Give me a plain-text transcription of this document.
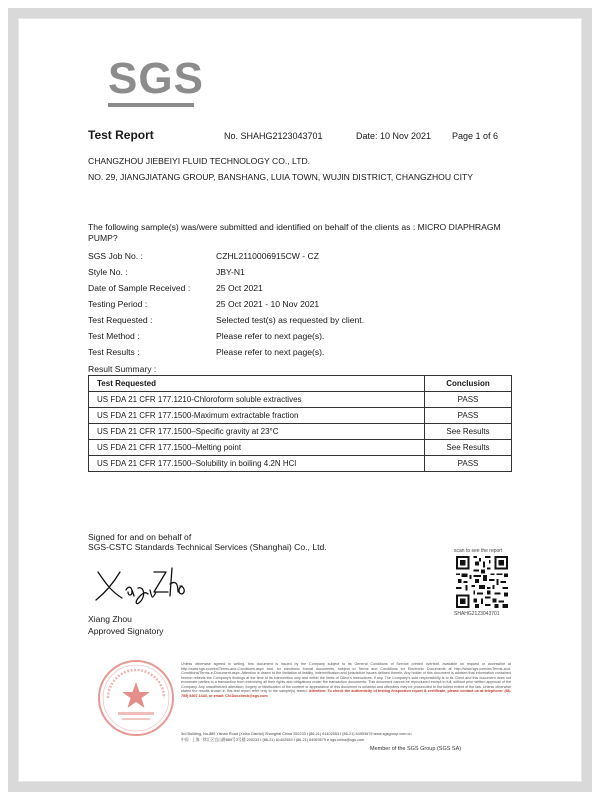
SGS
Test Report	No. SHAHG2123043701	Date: 10 Nov 2021 Page 1 of 6
CHANGZHOU JIEBEIYI FLUID TECHNOLOGY CO., LTD.
NO. 29, JIANGJIATANG GROUP, BANSHANG, LUIA TOWN, WUJIN DISTRICT, CHANGZHOU CITY
The following sample(s) was/were submitted and identified on behalf of the clients as : MICRO DIAPHRAGM PUMP?
SGS Job No. :	CZHL2110006915CW - CZ
Style No. :	JBY-N1
Date of Sample Received :	25 Oct 2021
Testing Period :	25 Oct 2021 - 10 Nov 2021
Test Requested :	Selected test(s) as requested by client.
Test Method :	Please refer to next page(s).
Test Results :	Please refer to next page(s).
Result Summary :
Test Requested	Conclusion
US FDA 21 CFR 177.1210-Chloroform soluble extractives	PASS
US FDA 21 CFR 177.1500-Maximum extractable fraction	PASS
US FDA 21 CFR 177.1500–Specific gravity at 23°C	See Results
US FDA 21 CFR 177.1500–Melting point	See Results
US FDA 21 CFR 177.1500–Solubility in boiling 4.2N HCl	PASS
Signed for and on behalf of
SGS-CSTC Standards Technical Services (Shanghai) Co., Ltd.
Xiang Zhou
Approved Signatory
scan to see the report
SHAHG2123043701
Unless otherwise agreed in writing, this document is issued by the Company subject to its General Conditions of Service printed overleaf, available on request or accessible at http://www.sgs.com/en/Terms-and-Conditions.aspx and, for electronic format documents, subject to Terms and Conditions for Electronic Documents at http://www.sgs.com/en/Terms-and-Conditions/Terms-e-Document.aspx. Attention is drawn to the limitation of liability, indemnification and jurisdiction issues defined therein. Any holder of this document is advised that information contained hereon reflects the Company's findings at the time of its intervention only and within the limits of Client's instructions, if any. The Company's sole responsibility is to its Client and this document does not exonerate parties to a transaction from exercising all their rights and obligations under the transaction documents. This document cannot be reproduced except in full, without prior written approval of the Company. Any unauthorized alteration, forgery or falsification of the content or appearance of this document is unlawful and offenders may be prosecuted to the fullest extent of the law. Unless otherwise stated the results shown in this test report refer only to the sample(s) tested. Attention: To check the authenticity of testing /inspection report & certificate, please contact us at telephone: (86-755) 8307 1443, or email: CN.Doccheck@sgs.com
3rd Building, No.889 Yishan Road (Xuhui District) Shanghai China 200233 t (86-21) 61402553 f (86-21) 64953679 www.sgsgroup.com.cn
中国 · 上海 · 徐汇区宜山路889号3号楼 200233 t (86-21) 61402553 f (86-21) 64953679 e sgs.china@sgs.com
Member of the SGS Group (SGS SA)
